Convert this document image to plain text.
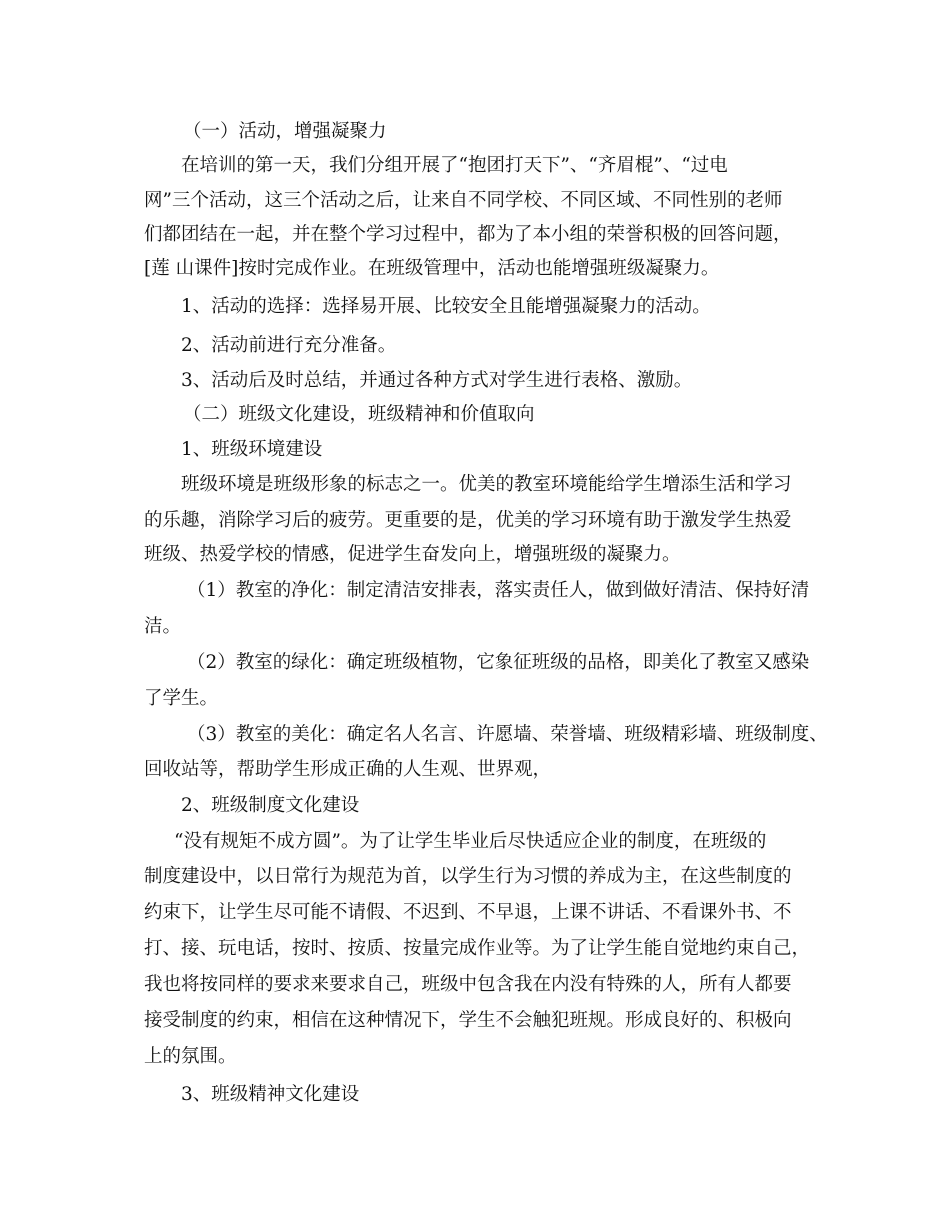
（一）活动，增强凝聚力
在培训的第一天，我们分组开展了“抱团打天下”、“齐眉棍”、“过电
网”三个活动，这三个活动之后，让来自不同学校、不同区域、不同性别的老师
们都团结在一起，并在整个学习过程中，都为了本小组的荣誉积极的回答问题，
[莲 山课件]按时完成作业。在班级管理中，活动也能增强班级凝聚力。
1、活动的选择：选择易开展、比较安全且能增强凝聚力的活动。
2、活动前进行充分准备。
3、活动后及时总结，并通过各种方式对学生进行表格、激励。
（二）班级文化建设，班级精神和价值取向
1、班级环境建设
班级环境是班级形象的标志之一。优美的教室环境能给学生增添生活和学习
的乐趣，消除学习后的疲劳。更重要的是，优美的学习环境有助于激发学生热爱
班级、热爱学校的情感，促进学生奋发向上，增强班级的凝聚力。
（1）教室的净化：制定清洁安排表，落实责任人，做到做好清洁、保持好清
洁。
（2）教室的绿化：确定班级植物，它象征班级的品格，即美化了教室又感染
了学生。
（3）教室的美化：确定名人名言、许愿墙、荣誉墙、班级精彩墙、班级制度、
回收站等，帮助学生形成正确的人生观、世界观，
2、班级制度文化建设
“没有规矩不成方圆”。为了让学生毕业后尽快适应企业的制度，在班级的
制度建设中，以日常行为规范为首，以学生行为习惯的养成为主，在这些制度的
约束下，让学生尽可能不请假、不迟到、不早退，上课不讲话、不看课外书、不
打、接、玩电话，按时、按质、按量完成作业等。为了让学生能自觉地约束自己，
我也将按同样的要求来要求自己，班级中包含我在内没有特殊的人，所有人都要
接受制度的约束，相信在这种情况下，学生不会触犯班规。形成良好的、积极向
上的氛围。
3、班级精神文化建设
